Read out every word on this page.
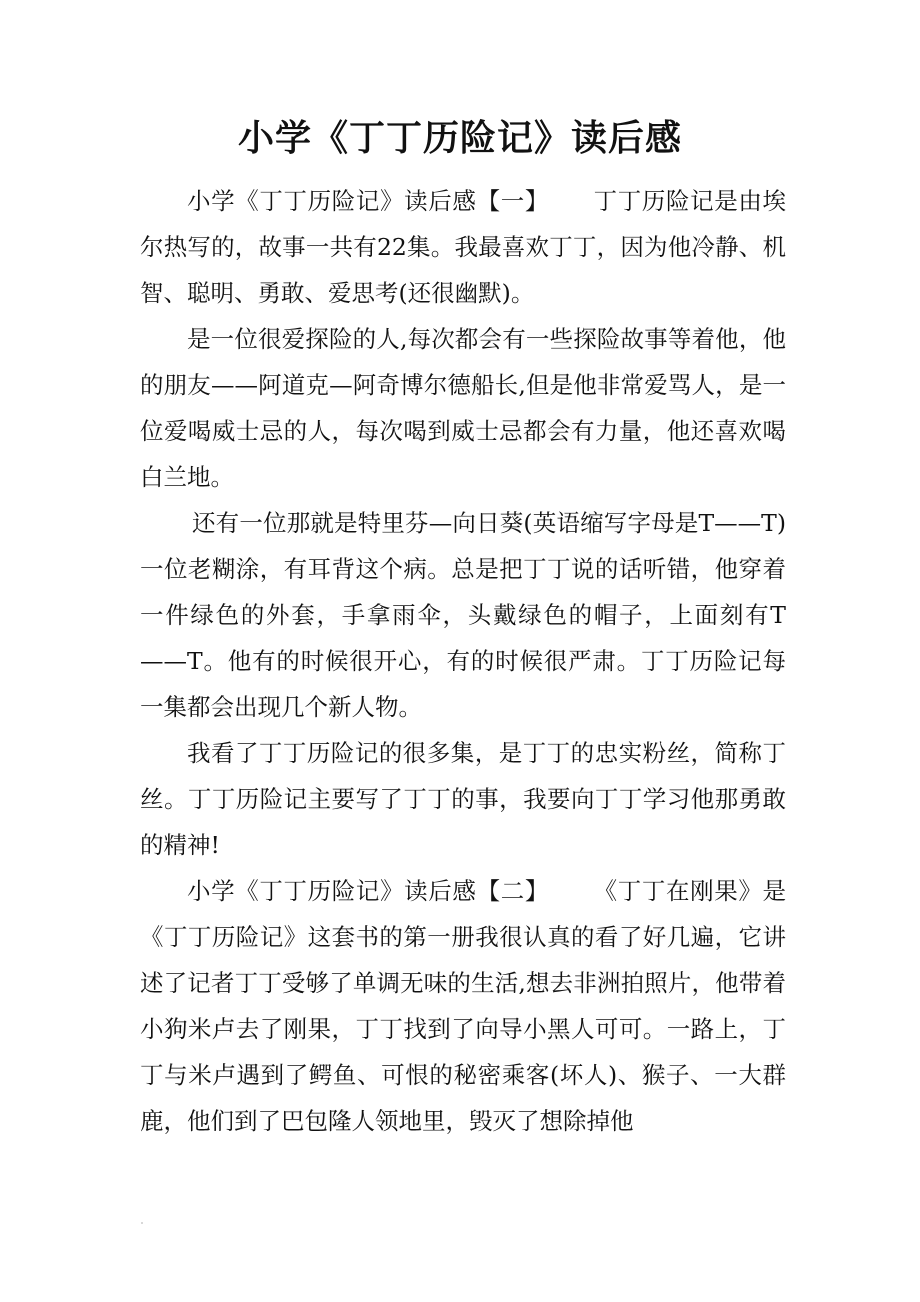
小学《丁丁历险记》读后感

小学《丁丁历险记》读后感【一】 丁丁历险记是由埃尔热写的，故事一共有22集。我最喜欢丁丁，因为他冷静、机智、聪明、勇敢、爱思考(还很幽默)。

是一位很爱探险的人,每次都会有一些探险故事等着他，他的朋友——阿道克—阿奇博尔德船长,但是他非常爱骂人，是一位爱喝威士忌的人，每次喝到威士忌都会有力量，他还喜欢喝白兰地。

还有一位那就是特里芬—向日葵(英语缩写字母是T——T)一位老糊涂，有耳背这个病。总是把丁丁说的话听错，他穿着一件绿色的外套，手拿雨伞，头戴绿色的帽子，上面刻有T——T。他有的时候很开心，有的时候很严肃。丁丁历险记每一集都会出现几个新人物。

我看了丁丁历险记的很多集，是丁丁的忠实粉丝，简称丁丝。丁丁历险记主要写了丁丁的事，我要向丁丁学习他那勇敢的精神!

小学《丁丁历险记》读后感【二】 《丁丁在刚果》是《丁丁历险记》这套书的第一册我很认真的看了好几遍，它讲述了记者丁丁受够了单调无味的生活,想去非洲拍照片，他带着小狗米卢去了刚果，丁丁找到了向导小黑人可可。一路上，丁丁与米卢遇到了鳄鱼、可恨的秘密乘客(坏人)、猴子、一大群鹿，他们到了巴包隆人领地里，毁灭了想除掉他
